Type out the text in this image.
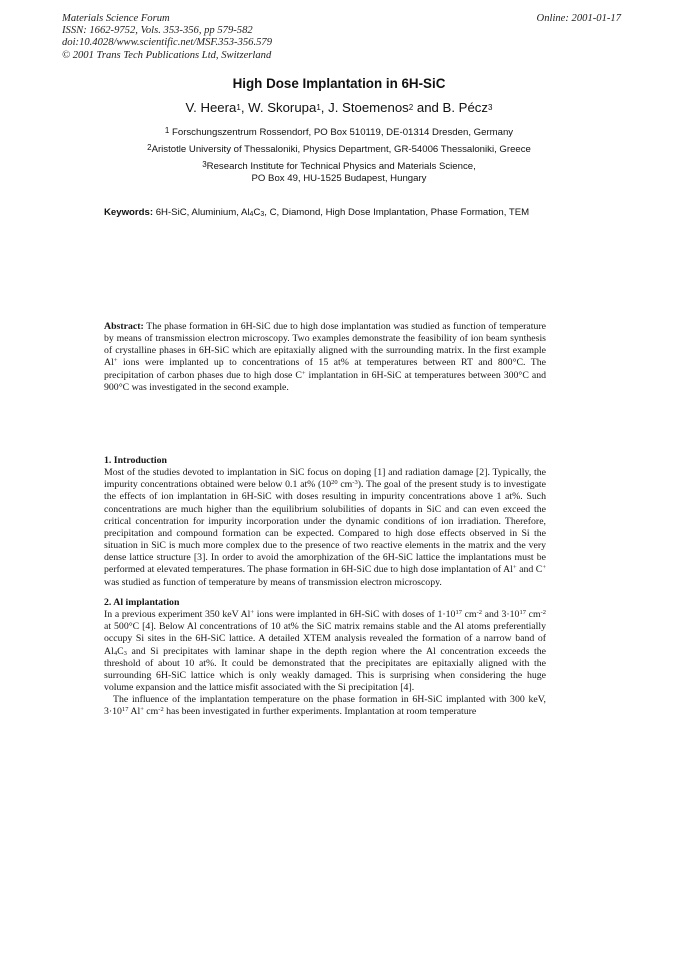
Materials Science Forum
ISSN: 1662-9752, Vols. 353-356, pp 579-582
doi:10.4028/www.scientific.net/MSF.353-356.579
© 2001 Trans Tech Publications Ltd, Switzerland
Online: 2001-01-17
High Dose Implantation in 6H-SiC
V. Heera$^1$, W. Skorupa$^1$, J. Stoemenos$^2$ and B. Pécz$^3$
$^1$ Forschungszentrum Rossendorf, PO Box 510119, DE-01314 Dresden, Germany
$^2$Aristotle University of Thessaloniki, Physics Department, GR-54006 Thessaloniki, Greece
$^3$Research Institute for Technical Physics and Materials Science,
PO Box 49, HU-1525 Budapest, Hungary
Keywords: 6H-SiC, Aluminium, $Al_4C_3$, C, Diamond, High Dose Implantation, Phase Formation, TEM

Abstract: The phase formation in 6H-SiC due to high dose implantation was studied as function of temperature by means of transmission electron microscopy. Two examples demonstrate the feasibility of ion beam synthesis of crystalline phases in 6H-SiC which are epitaxially aligned with the surrounding matrix. In the first example Al+ ions were implanted up to concentrations of 15 at% at temperatures between RT and 800°C. The precipitation of carbon phases due to high dose C+ implantation in 6H-SiC at temperatures between 300°C and 900°C was investigated in the second example.

1. Introduction

Most of the studies devoted to implantation in SiC focus on doping [1] and radiation damage [2]. Typically, the impurity concentrations obtained were below 0.1 at% ($10^{20}$ $cm^{-3}$). The goal of the present study is to investigate the effects of ion implantation in 6H-SiC with doses resulting in impurity concentrations above 1 at%. Such concentrations are much higher than the equilibrium solubilities of dopants in SiC and can even exceed the critical concentration for impurity incorporation under the dynamic conditions of ion irradiation. Therefore, precipitation and compound formation can be expected. Compared to high dose effects observed in Si the situation in SiC is much more complex due to the presence of two reactive elements in the matrix and the very dense lattice structure [3]. In order to avoid the amorphization of the 6H-SiC lattice the implantations must be performed at elevated temperatures. The phase formation in 6H-SiC due to high dose implantation of Al+ and C+ was studied as function of temperature by means of transmission electron microscopy.

2. Al implantation

In a previous experiment 350 keV Al+ ions were implanted in 6H-SiC with doses of $1\cdot 10^{17}$ $cm^{-2}$ and $3\cdot 10^{17}$ $cm^{-2}$ at 500°C [4]. Below Al concentrations of 10 at% the SiC matrix remains stable and the Al atoms preferentially occupy Si sites in the 6H-SiC lattice. A detailed XTEM analysis revealed the formation of a narrow band of $Al_4C_3$ and Si precipitates with laminar shape in the depth region where the Al concentration exceeds the threshold of about 10 at%. It could be demonstrated that the precipitates are epitaxially aligned with the surrounding 6H-SiC lattice which is only weakly damaged. This is surprising when considering the huge volume expansion and the lattice misfit associated with the Si precipitation [4].

The influence of the implantation temperature on the phase formation in 6H-SiC implanted with 300 keV, $3\cdot 10^{17}$ Al+ $cm^{-2}$ has been investigated in further experiments. Implantation at room temperature
